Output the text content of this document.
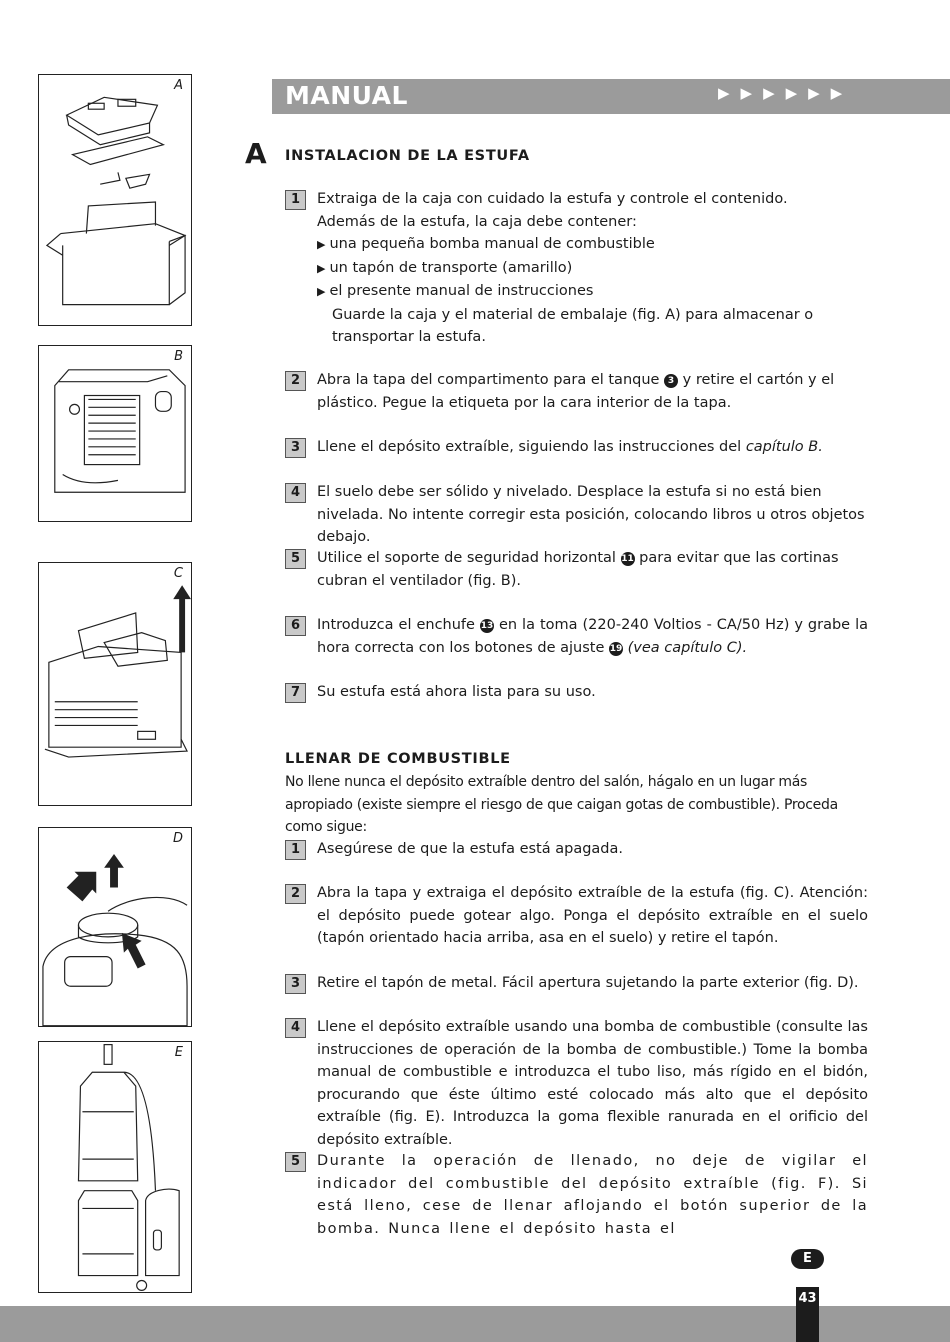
A
B
C
D
E
MANUAL	▶▶▶▶▶▶
A INSTALACION DE LA ESTUFA
1	Extraiga de la caja con cuidado la estufa y controle el contenido.

Además de la estufa, la caja debe contener:

▶ una pequeña bomba manual de combustible

▶ un tapón de transporte (amarillo)

▶ el presente manual de instrucciones

Guarde la caja y el material de embalaje (fig. A) para almacenar o transportar la estufa.

2	Abra la tapa del compartimento para el tanque 3 y retire el cartón y el plástico. Pegue la etiqueta por la cara interior de la tapa.
3	Llene el depósito extraíble, siguiendo las instrucciones del capítulo B.
4	El suelo debe ser sólido y nivelado. Desplace la estufa si no está bien nivelada. No intente corregir esta posición, colocando libros u otros objetos debajo.
5	Utilice el soporte de seguridad horizontal 11 para evitar que las cortinas cubran el ventilador (fig. B).
6	Introduzca el enchufe 13 en la toma (220-240 Voltios - CA/50 Hz) y grabe la hora correcta con los botones de ajuste 19 (vea capítulo C).
7	Su estufa está ahora lista para su uso.
LLENAR DE COMBUSTIBLE
No llene nunca el depósito extraíble dentro del salón, hágalo en un lugar más apropiado (existe siempre el riesgo de que caigan gotas de combustible). Proceda como sigue:
1	Asegúrese de que la estufa está apagada.
2	Abra la tapa y extraiga el depósito extraíble de la estufa (fig. C). Atención: el depósito puede gotear algo. Ponga el depósito extraíble en el suelo (tapón orientado hacia arriba, asa en el suelo) y retire el tapón.
3	Retire el tapón de metal. Fácil apertura sujetando la parte exterior (fig. D).
4	Llene el depósito extraíble usando una bomba de combustible (consulte las instrucciones de operación de la bomba de combustible.) Tome la bomba manual de combustible e introduzca el tubo liso, más rígido en el bidón, procurando que éste último esté colocado más alto que el depósito extraíble (fig. E). Introduzca la goma flexible ranurada en el orificio del depósito extraíble.
5	Durante la operación de llenado, no deje de vigilar el indicador del combustible del depósito extraíble (fig. F). Si está lleno, cese de llenar aflojando el botón superior de la bomba. Nunca llene el depósito hasta el
E
43
